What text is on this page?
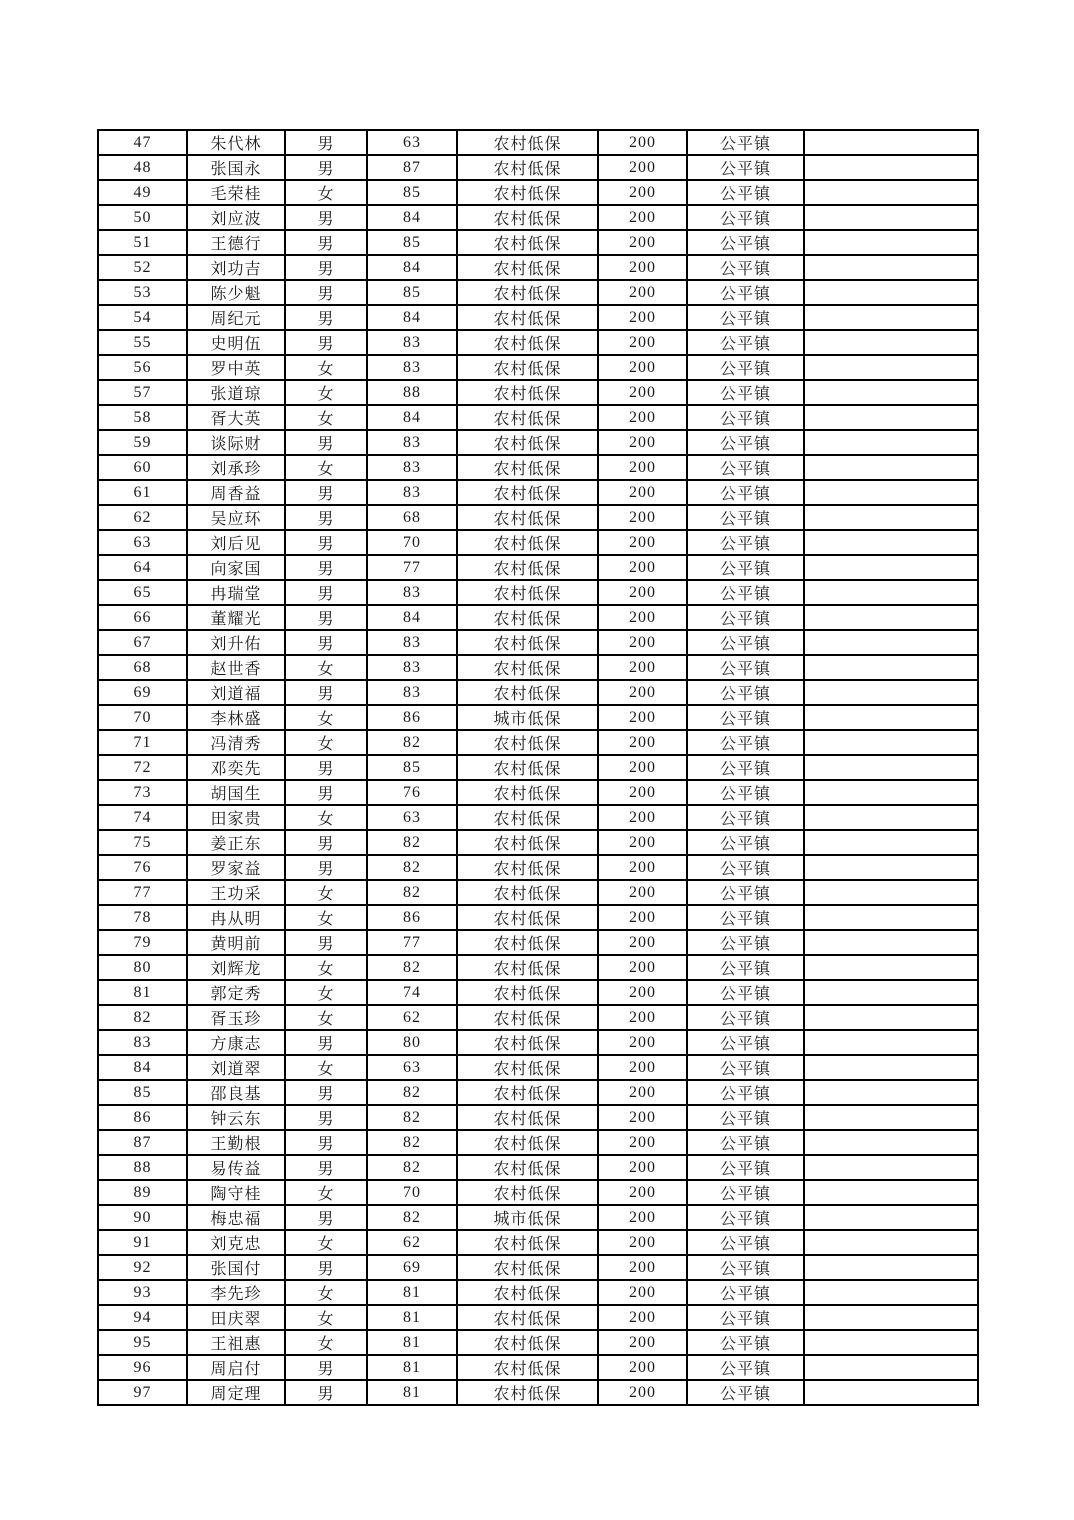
47	朱代林	男	63	农村低保	200	公平镇	
48	张国永	男	87	农村低保	200	公平镇	
49	毛荣桂	女	85	农村低保	200	公平镇	
50	刘应波	男	84	农村低保	200	公平镇	
51	王德行	男	85	农村低保	200	公平镇	
52	刘功吉	男	84	农村低保	200	公平镇	
53	陈少魁	男	85	农村低保	200	公平镇	
54	周纪元	男	84	农村低保	200	公平镇	
55	史明伍	男	83	农村低保	200	公平镇	
56	罗中英	女	83	农村低保	200	公平镇	
57	张道琼	女	88	农村低保	200	公平镇	
58	胥大英	女	84	农村低保	200	公平镇	
59	谈际财	男	83	农村低保	200	公平镇	
60	刘承珍	女	83	农村低保	200	公平镇	
61	周香益	男	83	农村低保	200	公平镇	
62	吴应环	男	68	农村低保	200	公平镇	
63	刘后见	男	70	农村低保	200	公平镇	
64	向家国	男	77	农村低保	200	公平镇	
65	冉瑞堂	男	83	农村低保	200	公平镇	
66	董耀光	男	84	农村低保	200	公平镇	
67	刘升佑	男	83	农村低保	200	公平镇	
68	赵世香	女	83	农村低保	200	公平镇	
69	刘道福	男	83	农村低保	200	公平镇	
70	李林盛	女	86	城市低保	200	公平镇	
71	冯清秀	女	82	农村低保	200	公平镇	
72	邓奕先	男	85	农村低保	200	公平镇	
73	胡国生	男	76	农村低保	200	公平镇	
74	田家贵	女	63	农村低保	200	公平镇	
75	姜正东	男	82	农村低保	200	公平镇	
76	罗家益	男	82	农村低保	200	公平镇	
77	王功采	女	82	农村低保	200	公平镇	
78	冉从明	女	86	农村低保	200	公平镇	
79	黄明前	男	77	农村低保	200	公平镇	
80	刘辉龙	女	82	农村低保	200	公平镇	
81	郭定秀	女	74	农村低保	200	公平镇	
82	胥玉珍	女	62	农村低保	200	公平镇	
83	方康志	男	80	农村低保	200	公平镇	
84	刘道翠	女	63	农村低保	200	公平镇	
85	邵良基	男	82	农村低保	200	公平镇	
86	钟云东	男	82	农村低保	200	公平镇	
87	王勤根	男	82	农村低保	200	公平镇	
88	易传益	男	82	农村低保	200	公平镇	
89	陶守桂	女	70	农村低保	200	公平镇	
90	梅忠福	男	82	城市低保	200	公平镇	
91	刘克忠	女	62	农村低保	200	公平镇	
92	张国付	男	69	农村低保	200	公平镇	
93	李先珍	女	81	农村低保	200	公平镇	
94	田庆翠	女	81	农村低保	200	公平镇	
95	王祖惠	女	81	农村低保	200	公平镇	
96	周启付	男	81	农村低保	200	公平镇	
97	周定理	男	81	农村低保	200	公平镇	
